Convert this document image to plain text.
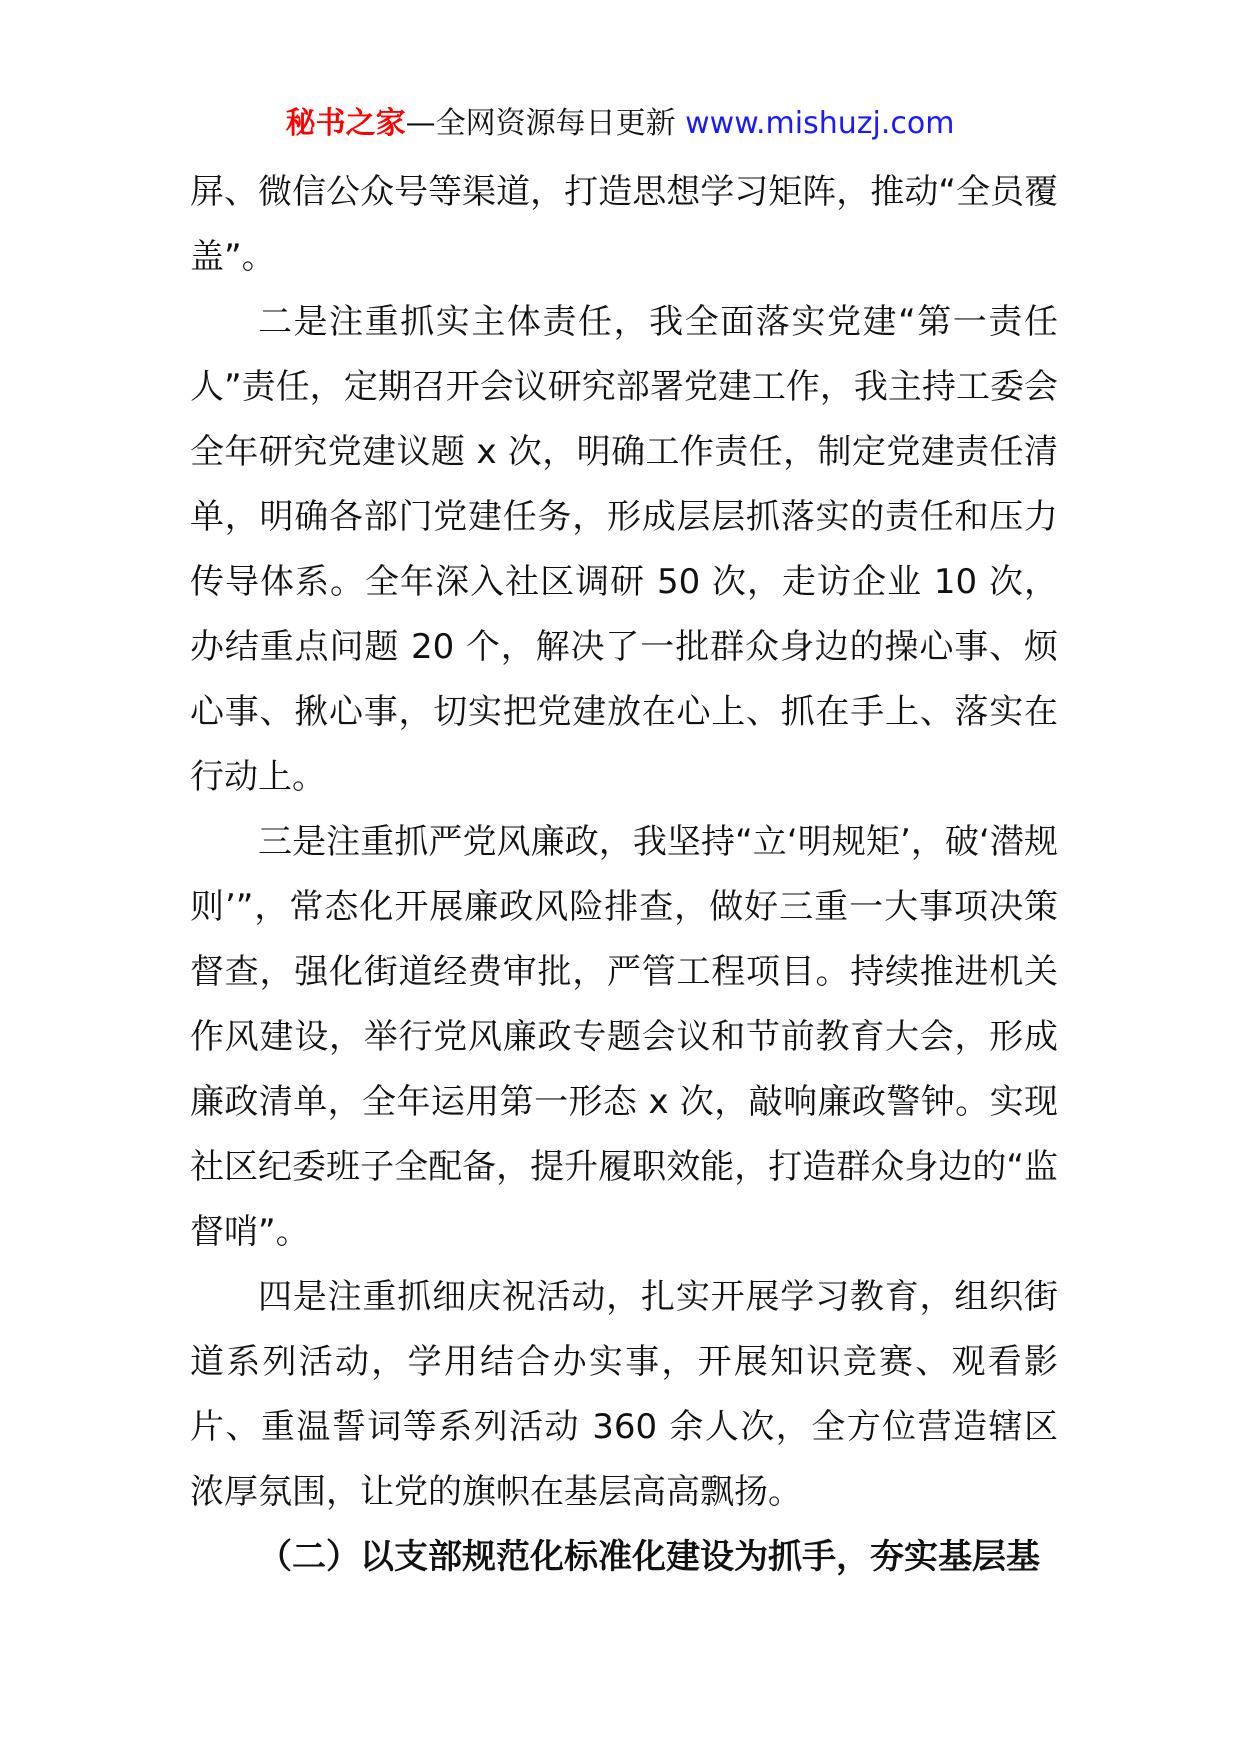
秘书之家—全网资源每日更新 www.mishuzj.com

屏、微信公众号等渠道，打造思想学习矩阵，推动“全员覆盖”。

二是注重抓实主体责任，我全面落实党建“第一责任人”责任，定期召开会议研究部署党建工作，我主持工委会全年研究党建议题 x 次，明确工作责任，制定党建责任清单，明确各部门党建任务，形成层层抓落实的责任和压力传导体系。全年深入社区调研 50 次，走访企业 10 次，办结重点问题 20 个，解决了一批群众身边的操心事、烦心事、揪心事，切实把党建放在心上、抓在手上、落实在行动上。

三是注重抓严党风廉政，我坚持“立‘明规矩’，破‘潜规则’”，常态化开展廉政风险排查，做好三重一大事项决策督查，强化街道经费审批，严管工程项目。持续推进机关作风建设，举行党风廉政专题会议和节前教育大会，形成廉政清单，全年运用第一形态 x 次，敲响廉政警钟。实现社区纪委班子全配备，提升履职效能，打造群众身边的“监督哨”。

四是注重抓细庆祝活动，扎实开展学习教育，组织街道系列活动，学用结合办实事，开展知识竞赛、观看影片、重温誓词等系列活动 360 余人次，全方位营造辖区浓厚氛围，让党的旗帜在基层高高飘扬。

（二）以支部规范化标准化建设为抓手，夯实基层基
